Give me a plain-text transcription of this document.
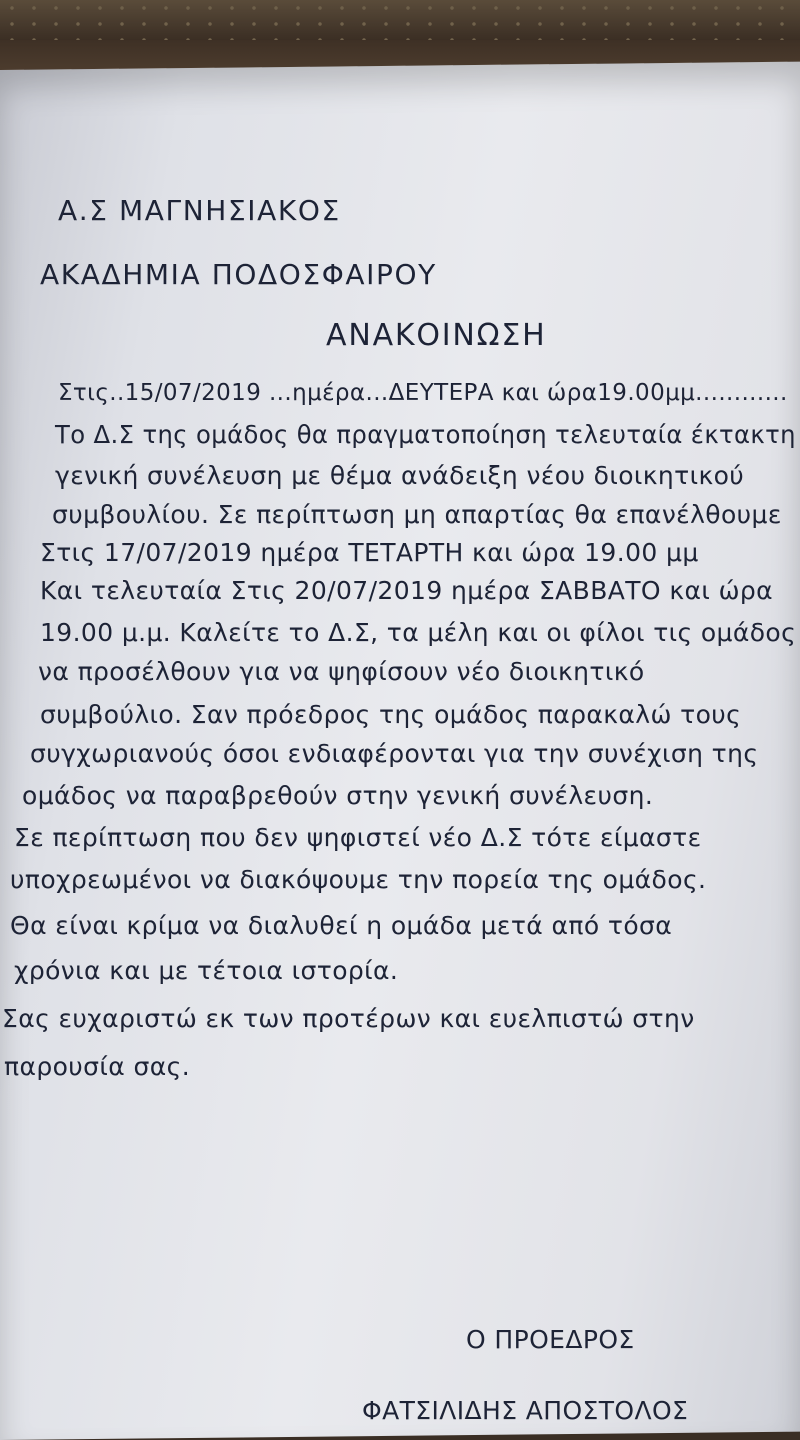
Α.Σ ΜΑΓΝΗΣΙΑΚΟΣ
ΑΚΑΔΗΜΙΑ ΠΟΔΟΣΦΑΙΡΟΥ
ΑΝΑΚΟΙΝΩΣΗ
Στις..15/07/2019 ...ημέρα...ΔΕΥΤΕΡΑ και ώρα19.00μμ............
Το Δ.Σ της ομάδος θα πραγματοποίηση τελευταία έκτακτη
γενική συνέλευση με θέμα ανάδειξη νέου διοικητικού
συμβουλίου. Σε περίπτωση μη απαρτίας θα επανέλθουμε
Στις 17/07/2019 ημέρα ΤΕΤΑΡΤΗ και ώρα 19.00 μμ
Και τελευταία Στις 20/07/2019 ημέρα ΣΑΒΒΑΤΟ και ώρα
19.00 μ.μ. Καλείτε το Δ.Σ, τα μέλη και οι φίλοι τις ομάδος
να προσέλθουν για να ψηφίσουν νέο διοικητικό
συμβούλιο. Σαν πρόεδρος της ομάδος παρακαλώ τους
συγχωριανούς όσοι ενδιαφέρονται για την συνέχιση της
ομάδος να παραβρεθούν στην γενική συνέλευση.
Σε περίπτωση που δεν ψηφιστεί νέο Δ.Σ τότε είμαστε
υποχρεωμένοι να διακόψουμε την πορεία της ομάδος.
Θα είναι κρίμα να διαλυθεί η ομάδα μετά από τόσα
χρόνια και με τέτοια ιστορία.
Σας ευχαριστώ εκ των προτέρων και ευελπιστώ στην
παρουσία σας.
Ο ΠΡΟΕΔΡΟΣ
ΦΑΤΣΙΛΙΔΗΣ ΑΠΟΣΤΟΛΟΣ
